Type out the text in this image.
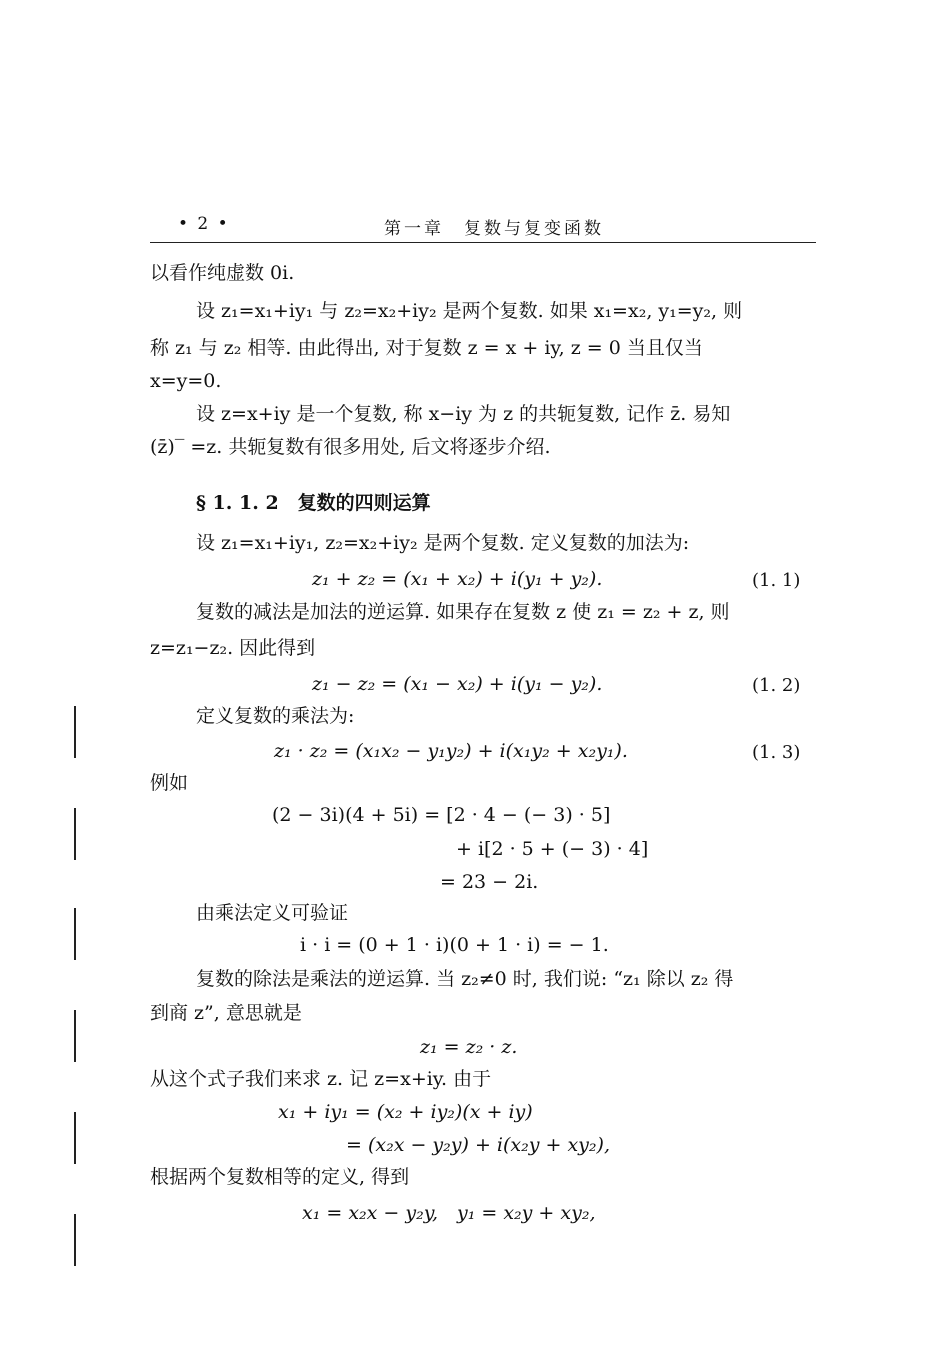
• 2 •	第一章　复数与复变函数
以看作纯虚数 0i.
设 z₁=x₁+iy₁ 与 z₂=x₂+iy₂ 是两个复数. 如果 x₁=x₂, y₁=y₂, 则
称 z₁ 与 z₂ 相等. 由此得出, 对于复数 z = x + iy, z = 0 当且仅当
x=y=0.
设 z=x+iy 是一个复数, 称 x−iy 为 z 的共轭复数, 记作 z̄. 易知
(z̄)‾ =z. 共轭复数有很多用处, 后文将逐步介绍.
§ 1. 1. 2　复数的四则运算
设 z₁=x₁+iy₁, z₂=x₂+iy₂ 是两个复数. 定义复数的加法为:
z₁ + z₂ = (x₁ + x₂) + i(y₁ + y₂).	(1. 1)
复数的减法是加法的逆运算. 如果存在复数 z 使 z₁ = z₂ + z, 则
z=z₁−z₂. 因此得到
z₁ − z₂ = (x₁ − x₂) + i(y₁ − y₂).	(1. 2)
定义复数的乘法为:
z₁ · z₂ = (x₁x₂ − y₁y₂) + i(x₁y₂ + x₂y₁).	(1. 3)
例如
(2 − 3i)(4 + 5i) = [2 · 4 − (− 3) · 5]
+ i[2 · 5 + (− 3) · 4]
= 23 − 2i.
由乘法定义可验证
i · i = (0 + 1 · i)(0 + 1 · i) = − 1.
复数的除法是乘法的逆运算. 当 z₂≠0 时, 我们说: “z₁ 除以 z₂ 得
到商 z”, 意思就是
z₁ = z₂ · z.
从这个式子我们来求 z. 记 z=x+iy. 由于
x₁ + iy₁ = (x₂ + iy₂)(x + iy)
= (x₂x − y₂y) + i(x₂y + xy₂),
根据两个复数相等的定义, 得到
x₁ = x₂x − y₂y,　y₁ = x₂y + xy₂,
